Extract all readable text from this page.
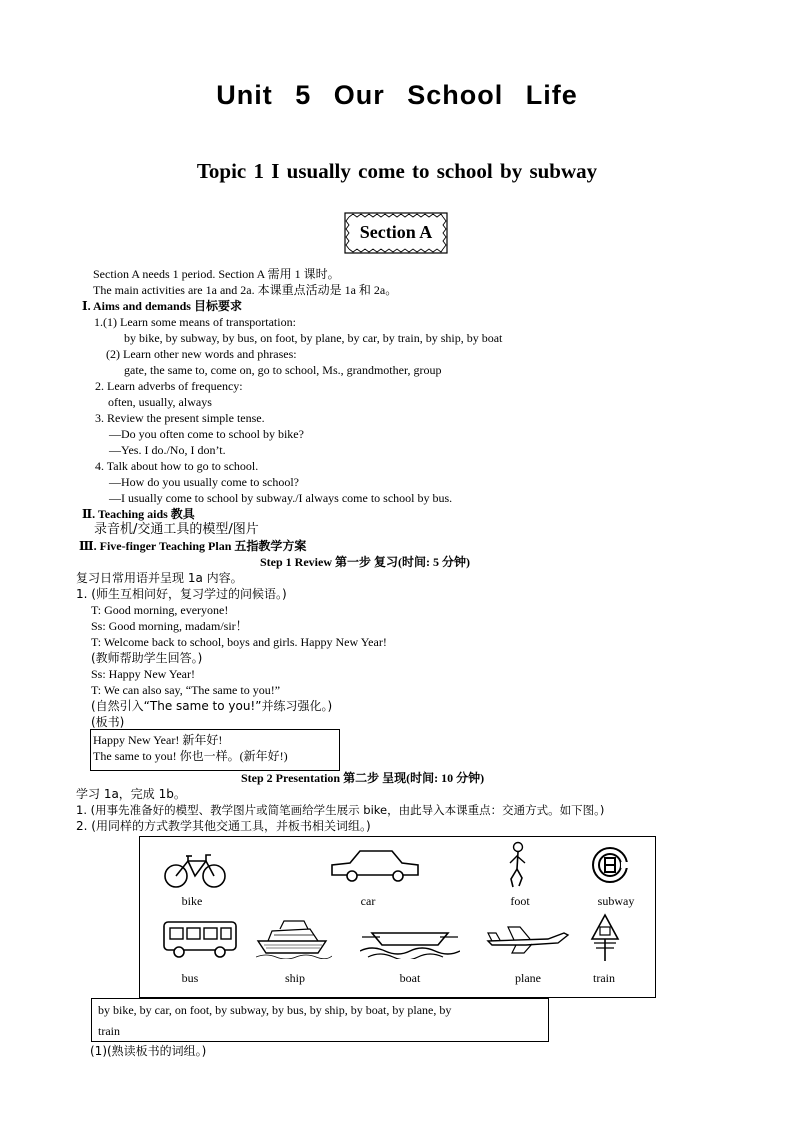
Unit 5 Our School Life
Topic 1 I usually come to school by subway
Section A
Section A needs 1 period. Section A 需用 1 课时。
The main activities are 1a and 2a. 本课重点活动是 1a 和 2a。
Ⅰ. Aims and demands 目标要求
1.(1) Learn some means of transportation:
by bike, by subway, by bus, on foot, by plane, by car, by train, by ship, by boat
(2) Learn other new words and phrases:
gate, the same to, come on, go to school, Ms., grandmother, group
2. Learn adverbs of frequency:
often, usually, always
3. Review the present simple tense.
—Do you often come to school by bike?
—Yes. I do./No, I don’t.
4. Talk about how to go to school.
—How do you usually come to school?
—I usually come to school by subway./I always come to school by bus.
Ⅱ. Teaching aids 教具
录音机/交通工具的模型/图片
Ⅲ. Five-finger Teaching Plan 五指教学方案
Step 1 Review 第一步 复习(时间: 5 分钟)
复习日常用语并呈现 1a 内容。
1. (师生互相问好，复习学过的问候语。)
T: Good morning, everyone!
Ss: Good morning, madam/sir！
T: Welcome back to school, boys and girls. Happy New Year!
(教师帮助学生回答。)
Ss: Happy New Year!
T: We can also say, “The same to you!”
(自然引入“The same to you!”并练习强化。)
(板书)
Happy New Year! 新年好!
The same to you! 你也一样。(新年好!)
Step 2 Presentation 第二步 呈现(时间: 10 分钟)
学习 1a，完成 1b。
1. (用事先准备好的模型、教学图片或简笔画给学生展示 bike，由此导入本课重点：交通方式。如下图。)
2. (用同样的方式教学其他交通工具，并板书相关词组。)
bike	car	foot	subway
bus	ship	boat	plane	train
by bike, by car, on foot, by subway, by bus, by ship, by boat, by plane, by
train
(1)(熟读板书的词组。)
